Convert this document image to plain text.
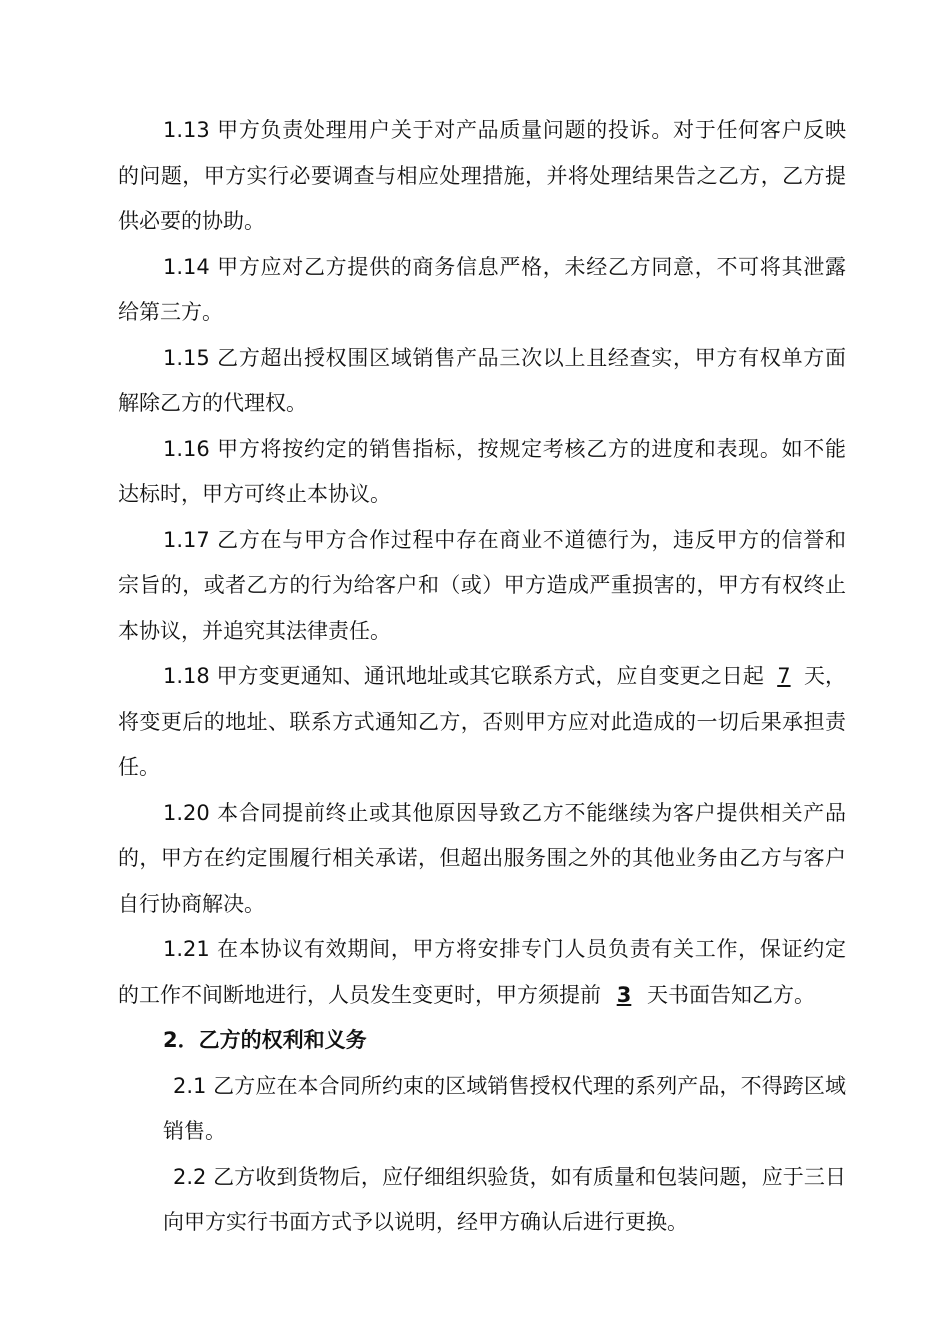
1.13 甲方负责处理用户关于对产品质量问题的投诉。对于任何客户反映的问题，甲方实行必要调查与相应处理措施，并将处理结果告之乙方，乙方提供必要的协助。

1.14 甲方应对乙方提供的商务信息严格，未经乙方同意，不可将其泄露给第三方。

1.15 乙方超出授权围区域销售产品三次以上且经查实，甲方有权单方面解除乙方的代理权。

1.16 甲方将按约定的销售指标，按规定考核乙方的进度和表现。如不能达标时，甲方可终止本协议。

1.17 乙方在与甲方合作过程中存在商业不道德行为，违反甲方的信誉和宗旨的，或者乙方的行为给客户和（或）甲方造成严重损害的，甲方有权终止本协议，并追究其法律责任。

1.18 甲方变更通知、通讯地址或其它联系方式，应自变更之日起 7 天，将变更后的地址、联系方式通知乙方，否则甲方应对此造成的一切后果承担责任。

1.20 本合同提前终止或其他原因导致乙方不能继续为客户提供相关产品的，甲方在约定围履行相关承诺，但超出服务围之外的其他业务由乙方与客户自行协商解决。

1.21 在本协议有效期间，甲方将安排专门人员负责有关工作，保证约定的工作不间断地进行，人员发生变更时，甲方须提前 3 天书面告知乙方。

2．乙方的权利和义务

2.1 乙方应在本合同所约束的区域销售授权代理的系列产品，不得跨区域销售。

2.2 乙方收到货物后，应仔细组织验货，如有质量和包装问题，应于三日向甲方实行书面方式予以说明，经甲方确认后进行更换。
